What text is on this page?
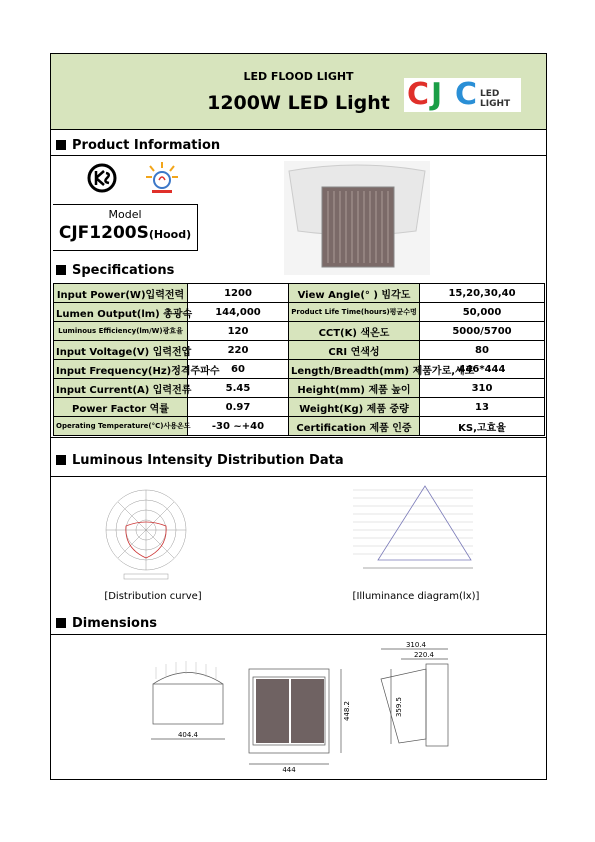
LED FLOOD LIGHT
1200W LED Light C J C LED LIGHT
Product Information
Model
CJF1200S(Hood)
Specifications
Input Power(W)입력전력	1200	View Angle(° ) 빔각도	15,20,30,40
Lumen Output(lm) 총광속	144,000	Product Life Time(hours)평균수명	50,000
Luminous Efficiency(lm/W)광효율	120	CCT(K) 색온도	5000/5700
Input Voltage(V) 입력전압	220	CRI 연색성	80
Input Frequency(Hz)정격주파수	60	Length/Breadth(mm) 제품가로,세로	446*444
Input Current(A) 입력전류	5.45	Height(mm) 제품 높이	310
Power Factor 역률	0.97	Weight(Kg) 제품 중량	13
Operating Temperature(°C)사용온도	-30 ~+40	Certification 제품 인증	KS,고효율
Luminous Intensity Distribution Data
[Distribution curve]	[Illuminance diagram(lx)]
Dimensions
404.4
444
448.2
310.4
220.4
359.5
